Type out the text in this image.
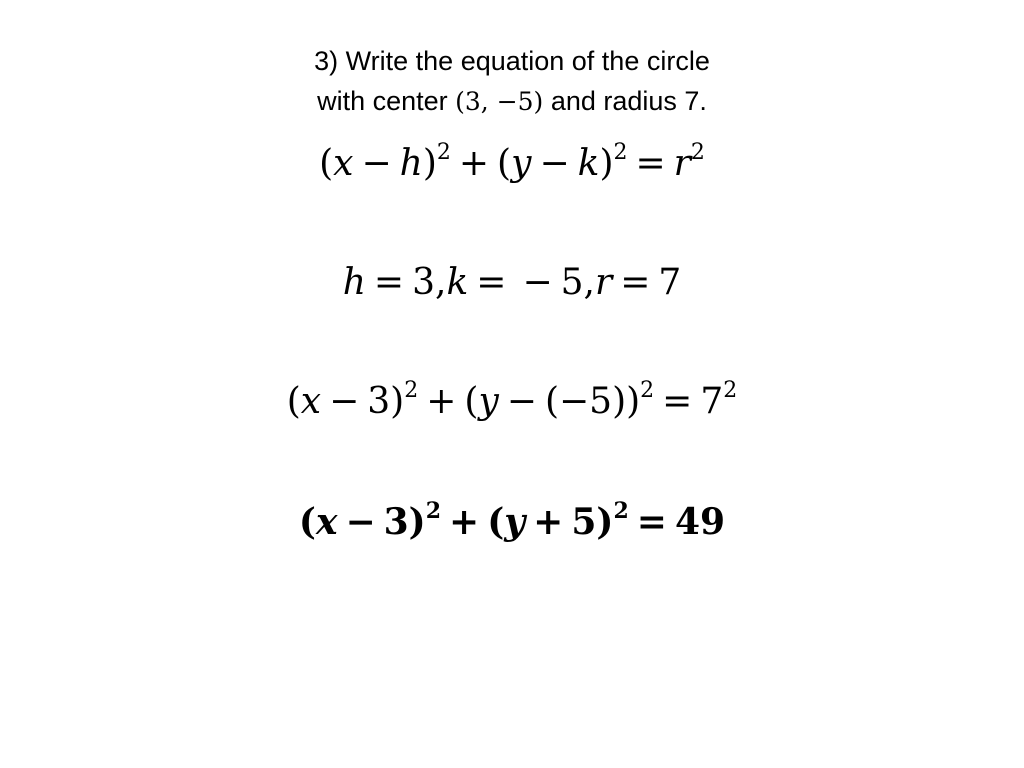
3) Write the equation of the circle
with center (3, −5) and radius 7.
$(x - h)^2 + (y - k)^2 = r^2$
h = 3,k = − 5,r = 7
$(x - 3)^2 + (y - (-5))^2 = 7^2$
$(x - 3)^2 + (y + 5)^2 = 49$
